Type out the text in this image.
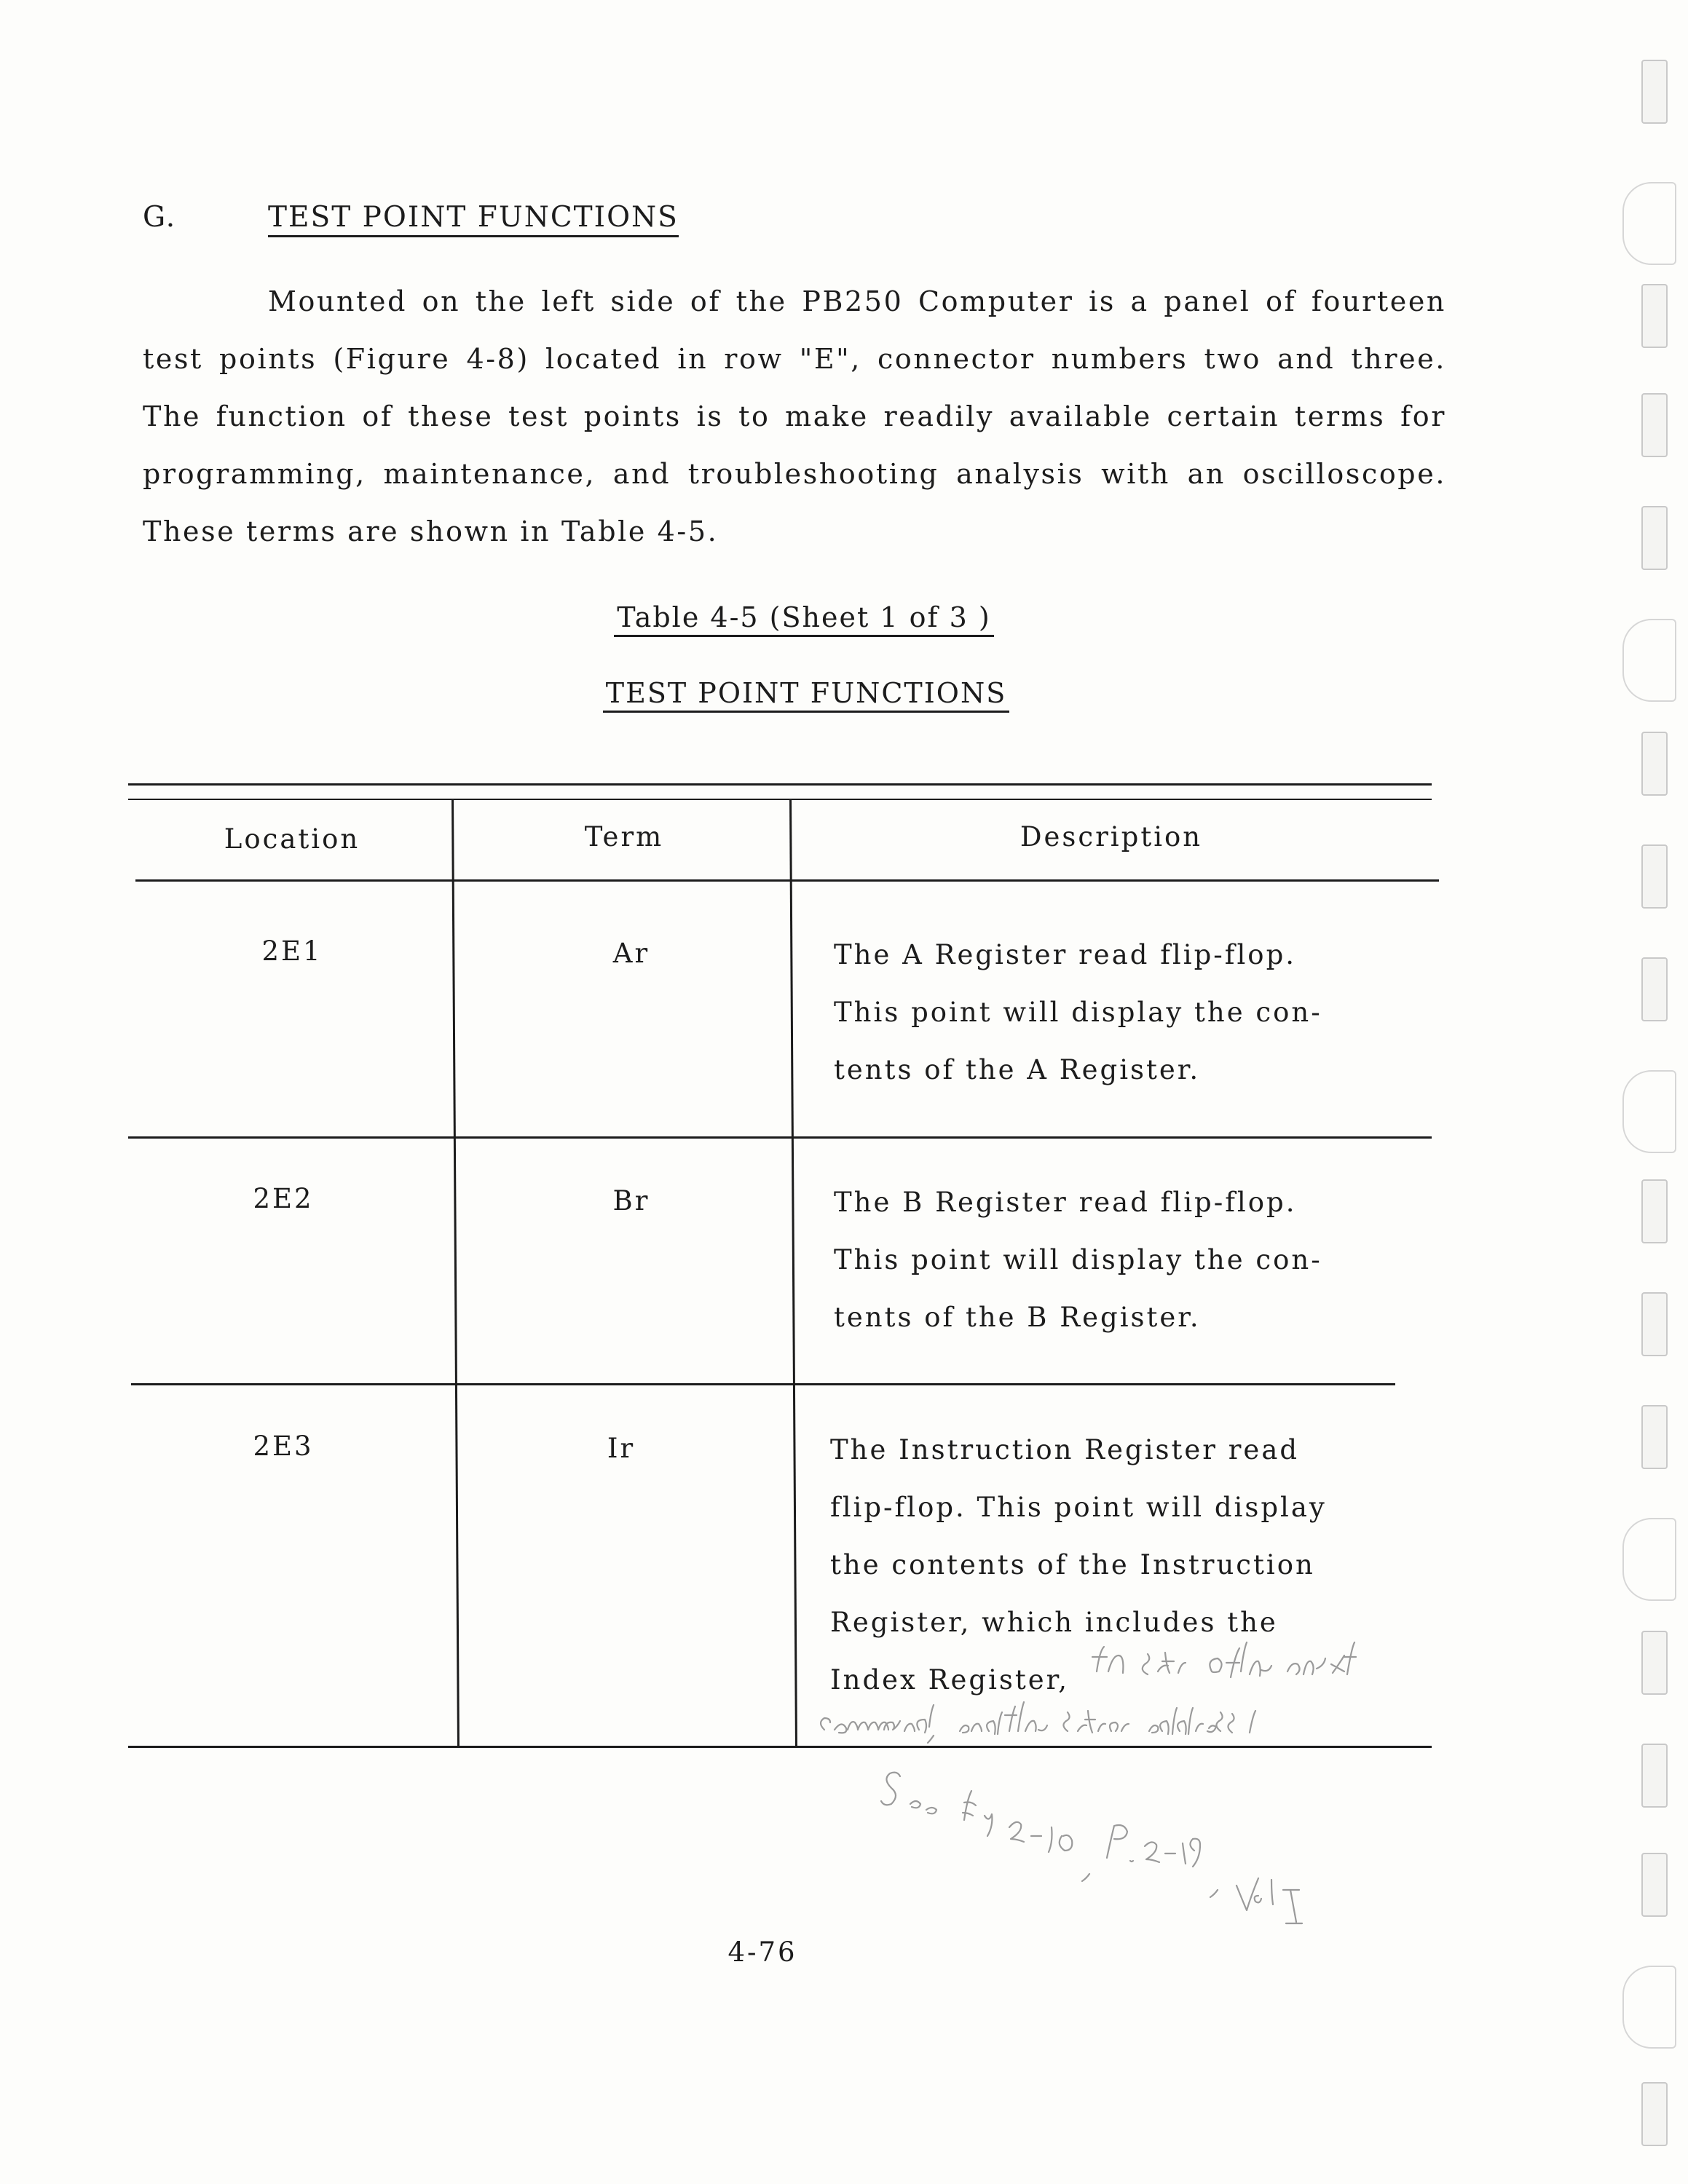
G.	TEST POINT FUNCTIONS

Mounted on the left side of the PB250 Computer is a panel of fourteen test points (Figure 4-8) located in row "E", connector numbers two and three. The function of these test points is to make readily available certain terms for programming, maintenance, and troubleshooting analysis with an oscilloscope. These terms are shown in Table 4-5.

Table 4-5 (Sheet 1 of 3 )
TEST POINT FUNCTIONS
Location	Term	Description
2E1	Ar	The A Register read flip-flop.
This point will display the con-
tents of the A Register.

2E2	Br	The B Register read flip-flop.
This point will display the con-
tents of the B Register.

2E3	Ir	The Instruction Register read
flip-flop. This point will display
the contents of the Instruction
Register, which includes the
Index Register,

4-76
